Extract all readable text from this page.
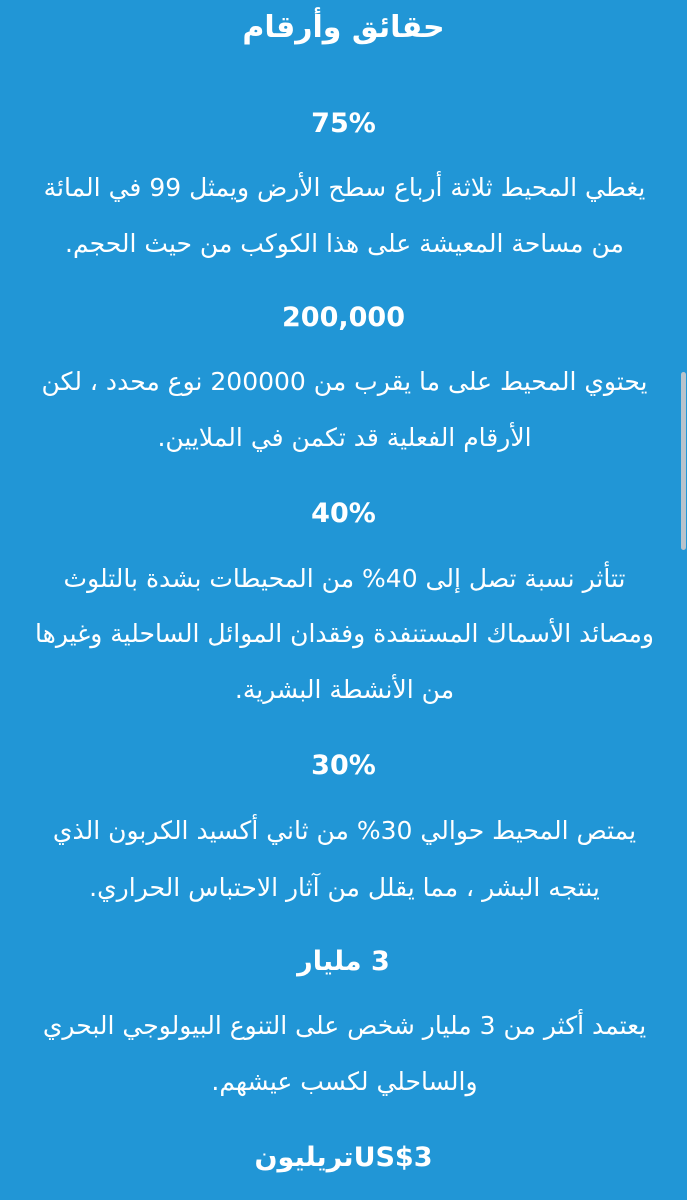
حقائق وأرقام
75%
يغطي المحيط ثلاثة أرباع سطح الأرض ويمثل 99 في المائة
من مساحة المعيشة على هذا الكوكب من حيث الحجم.
200,000
يحتوي المحيط على ما يقرب من 200000 نوع محدد ، لكن
الأرقام الفعلية قد تكمن في الملايين.
40%
تتأثر نسبة تصل إلى 40% من المحيطات بشدة بالتلوث
ومصائد الأسماك المستنفدة وفقدان الموائل الساحلية وغيرها
من الأنشطة البشرية.
30%
يمتص المحيط حوالي 30% من ثاني أكسيد الكربون الذي
ينتجه البشر ، مما يقلل من آثار الاحتباس الحراري.
3 مليار
يعتمد أكثر من 3 مليار شخص على التنوع البيولوجي البحري
والساحلي لكسب عيشهم.
US$3تريليون
